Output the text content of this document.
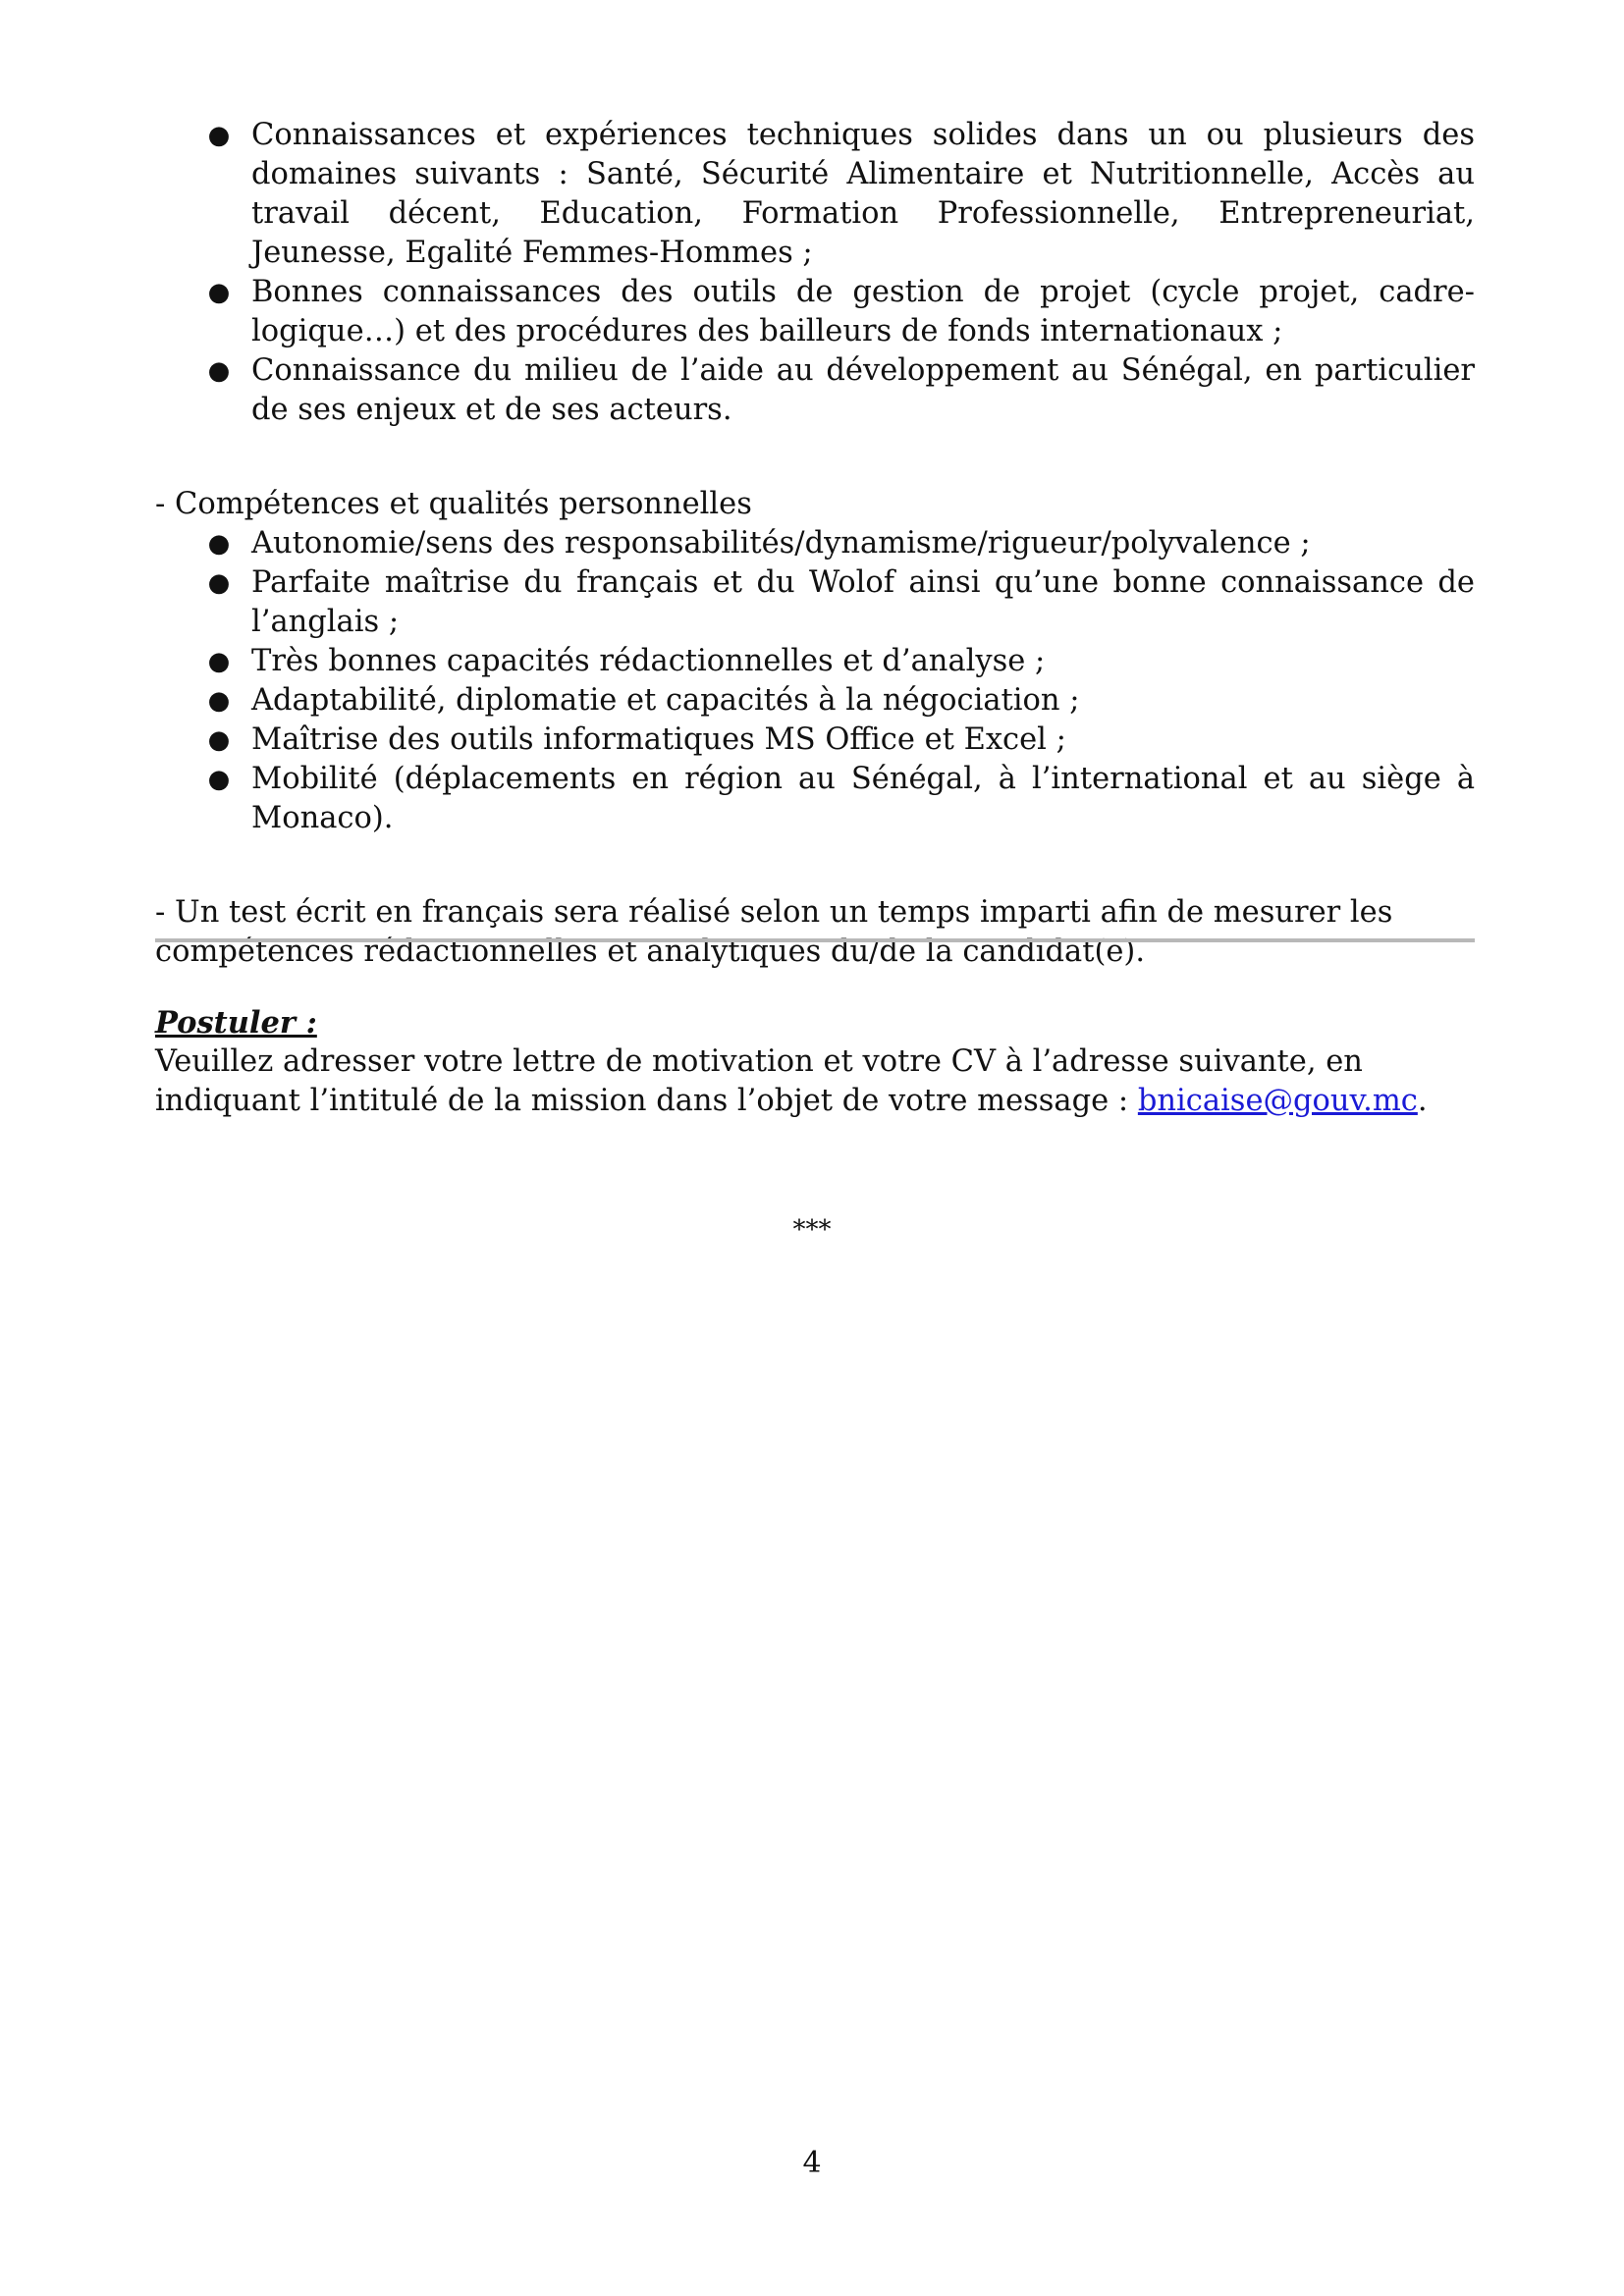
● Connaissances et expériences techniques solides dans un ou plusieurs des domaines suivants : Santé, Sécurité Alimentaire et Nutritionnelle, Accès au travail décent, Education, Formation Professionnelle, Entrepreneuriat, Jeunesse, Egalité Femmes-Hommes ;
● Bonnes connaissances des outils de gestion de projet (cycle projet, cadre-logique…) et des procédures des bailleurs de fonds internationaux ;
● Connaissance du milieu de l’aide au développement au Sénégal, en particulier de ses enjeux et de ses acteurs.
- Compétences et qualités personnelles
● Autonomie/sens des responsabilités/dynamisme/rigueur/polyvalence ;
● Parfaite maîtrise du français et du Wolof ainsi qu’une bonne connaissance de l’anglais ;
● Très bonnes capacités rédactionnelles et d’analyse ;
● Adaptabilité, diplomatie et capacités à la négociation ;
● Maîtrise des outils informatiques MS Office et Excel ;
● Mobilité (déplacements en région au Sénégal, à l’international et au siège à Monaco).
- Un test écrit en français sera réalisé selon un temps imparti afin de mesurer les compétences rédactionnelles et analytiques du/de la candidat(e).
Postuler :
Veuillez adresser votre lettre de motivation et votre CV à l’adresse suivante, en indiquant l’intitulé de la mission dans l’objet de votre message : bnicaise@gouv.mc.
***
4
